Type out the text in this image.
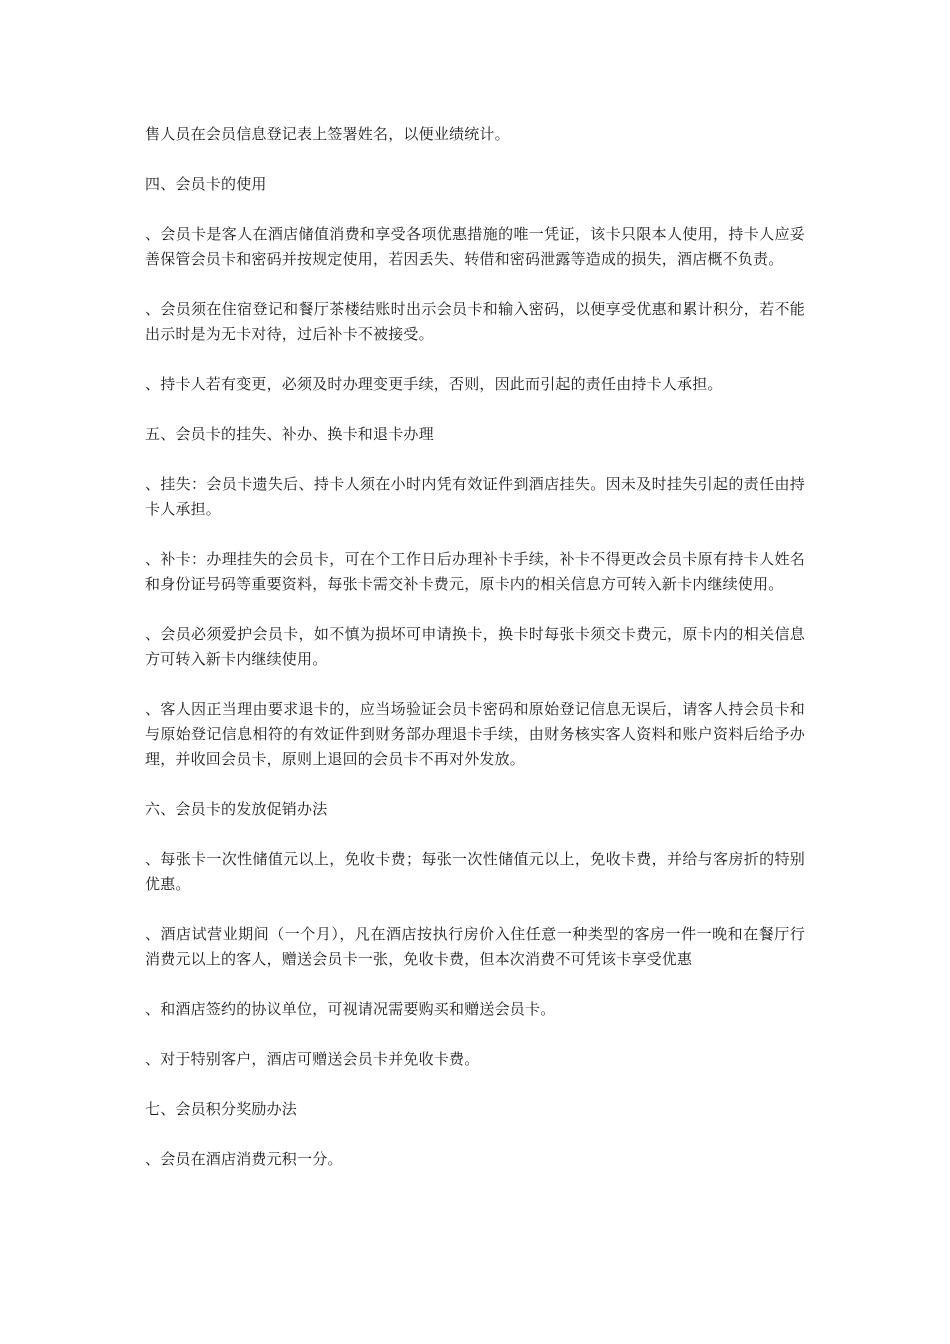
售人员在会员信息登记表上签署姓名，以便业绩统计。

四、会员卡的使用

、会员卡是客人在酒店储值消费和享受各项优惠措施的唯一凭证，该卡只限本人使用，持卡人应妥善保管会员卡和密码并按规定使用，若因丢失、转借和密码泄露等造成的损失，酒店概不负责。

、会员须在住宿登记和餐厅茶楼结账时出示会员卡和输入密码，以便享受优惠和累计积分，若不能出示时是为无卡对待，过后补卡不被接受。

、持卡人若有变更，必须及时办理变更手续，否则，因此而引起的责任由持卡人承担。

五、会员卡的挂失、补办、换卡和退卡办理

、挂失：会员卡遗失后、持卡人须在小时内凭有效证件到酒店挂失。因未及时挂失引起的责任由持卡人承担。

、补卡：办理挂失的会员卡，可在个工作日后办理补卡手续，补卡不得更改会员卡原有持卡人姓名和身份证号码等重要资料，每张卡需交补卡费元，原卡内的相关信息方可转入新卡内继续使用。

、会员必须爱护会员卡，如不慎为损坏可申请换卡，换卡时每张卡须交卡费元，原卡内的相关信息方可转入新卡内继续使用。

、客人因正当理由要求退卡的，应当场验证会员卡密码和原始登记信息无误后，请客人持会员卡和与原始登记信息相符的有效证件到财务部办理退卡手续，由财务核实客人资料和账户资料后给予办理，并收回会员卡，原则上退回的会员卡不再对外发放。

六、会员卡的发放促销办法

、每张卡一次性储值元以上，免收卡费；每张一次性储值元以上，免收卡费，并给与客房折的特别优惠。

、酒店试营业期间（一个月），凡在酒店按执行房价入住任意一种类型的客房一件一晚和在餐厅行消费元以上的客人，赠送会员卡一张，免收卡费，但本次消费不可凭该卡享受优惠

、和酒店签约的协议单位，可视请况需要购买和赠送会员卡。

、对于特别客户，酒店可赠送会员卡并免收卡费。

七、会员积分奖励办法

、会员在酒店消费元积一分。
